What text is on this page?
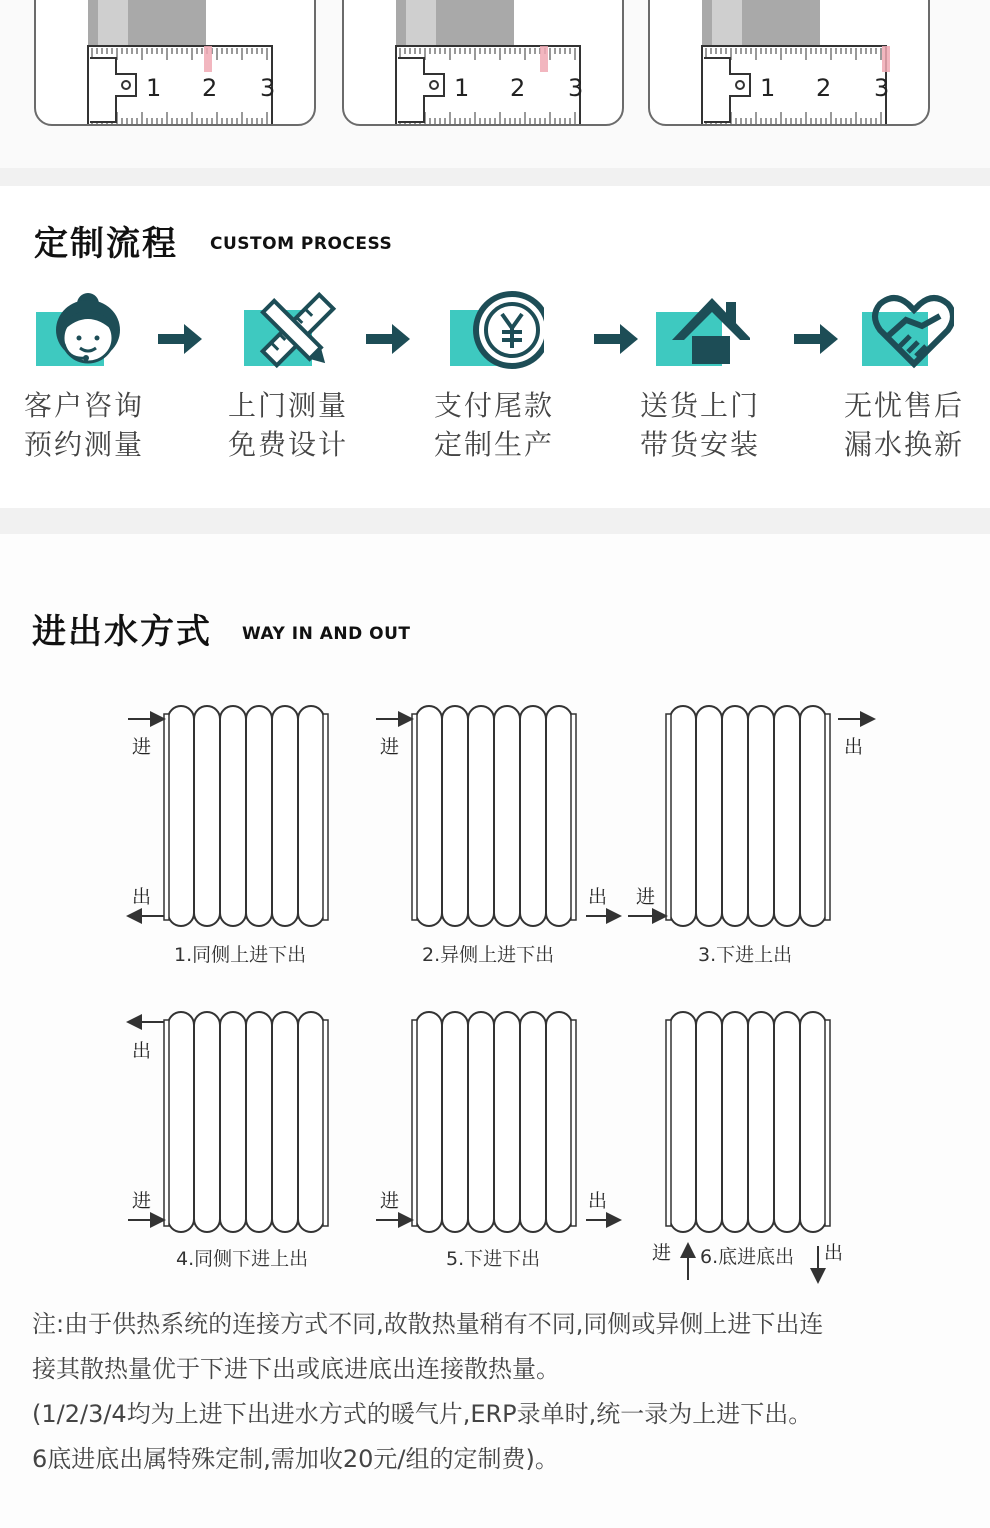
1 2 3	1 2 3	1 2 3
定制流程 CUSTOM PROCESS
客户咨询
预约测量
上门测量
免费设计
支付尾款
定制生产
送货上门
带货安装
无忧售后
漏水换新
进出水方式 WAY IN AND OUT
进
出
进
出 进
出
出
进	进	出
进	出
1.同侧上进下出	2.异侧上进下出	3.下进上出
4.同侧下进上出	5.下进下出	6.底进底出
注:由于供热系统的连接方式不同,故散热量稍有不同,同侧或异侧上进下出连
接其散热量优于下进下出或底进底出连接散热量。
(1/2/3/4均为上进下出进水方式的暖气片,ERP录单时,统一录为上进下出。
6底进底出属特殊定制,需加收20元/组的定制费)。
